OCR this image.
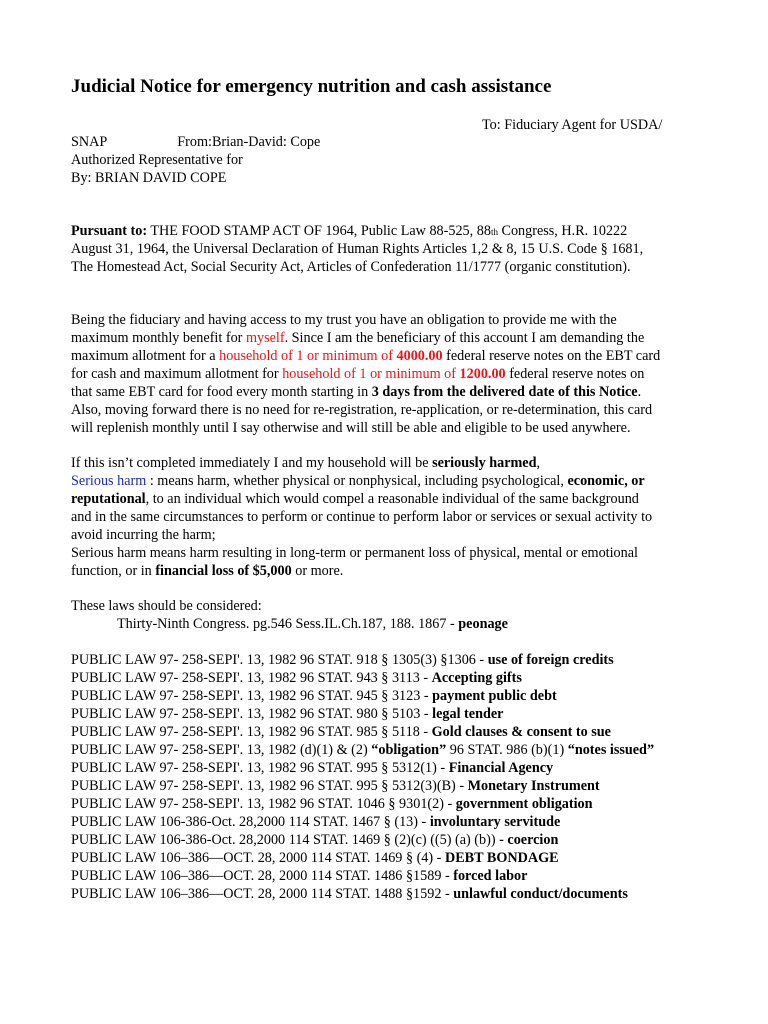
Judicial Notice for emergency nutrition and cash assistance
To: Fiduciary Agent for USDA/
SNAP	From:Brian-David: Cope
Authorized Representative for
By: BRIAN DAVID COPE
Pursuant to: THE FOOD STAMP ACT OF 1964, Public Law 88-525, 88th Congress, H.R. 10222
August 31, 1964, the Universal Declaration of Human Rights Articles 1,2 & 8, 15 U.S. Code § 1681,
The Homestead Act, Social Security Act, Articles of Confederation 11/1777 (organic constitution).
Being the fiduciary and having access to my trust you have an obligation to provide me with the
maximum monthly benefit for myself. Since I am the beneficiary of this account I am demanding the
maximum allotment for a household of 1 or minimum of 4000.00 federal reserve notes on the EBT card
for cash and maximum allotment for household of 1 or minimum of 1200.00 federal reserve notes on
that same EBT card for food every month starting in 3 days from the delivered date of this Notice.
Also, moving forward there is no need for re-registration, re-application, or re-determination, this card
will replenish monthly until I say otherwise and will still be able and eligible to be used anywhere.
If this isn’t completed immediately I and my household will be seriously harmed,
Serious harm : means harm, whether physical or nonphysical, including psychological, economic, or
reputational, to an individual which would compel a reasonable individual of the same background
and in the same circumstances to perform or continue to perform labor or services or sexual activity to
avoid incurring the harm;
Serious harm means harm resulting in long-term or permanent loss of physical, mental or emotional
function, or in financial loss of $5,000 or more.
These laws should be considered:
Thirty-Ninth Congress. pg.546 Sess.IL.Ch.187, 188. 1867 - peonage
PUBLIC LAW 97- 258-SEPI'. 13, 1982 96 STAT. 918 § 1305(3) §1306 - use of foreign credits
PUBLIC LAW 97- 258-SEPI'. 13, 1982 96 STAT. 943 § 3113 - Accepting gifts
PUBLIC LAW 97- 258-SEPI'. 13, 1982 96 STAT. 945 § 3123 - payment public debt
PUBLIC LAW 97- 258-SEPI'. 13, 1982 96 STAT. 980 § 5103 - legal tender
PUBLIC LAW 97- 258-SEPI'. 13, 1982 96 STAT. 985 § 5118 - Gold clauses & consent to sue
PUBLIC LAW 97- 258-SEPI'. 13, 1982 (d)(1) & (2) “obligation” 96 STAT. 986 (b)(1) “notes issued”
PUBLIC LAW 97- 258-SEPI'. 13, 1982 96 STAT. 995 § 5312(1) - Financial Agency
PUBLIC LAW 97- 258-SEPI'. 13, 1982 96 STAT. 995 § 5312(3)(B) - Monetary Instrument
PUBLIC LAW 97- 258-SEPI'. 13, 1982 96 STAT. 1046 § 9301(2) - government obligation
PUBLIC LAW 106-386-Oct. 28,2000 114 STAT. 1467 § (13) - involuntary servitude
PUBLIC LAW 106-386-Oct. 28,2000 114 STAT. 1469 § (2)(c) ((5) (a) (b)) - coercion
PUBLIC LAW 106–386—OCT. 28, 2000 114 STAT. 1469 § (4) - DEBT BONDAGE
PUBLIC LAW 106–386—OCT. 28, 2000 114 STAT. 1486 §1589 - forced labor
PUBLIC LAW 106–386—OCT. 28, 2000 114 STAT. 1488 §1592 - unlawful conduct/documents
